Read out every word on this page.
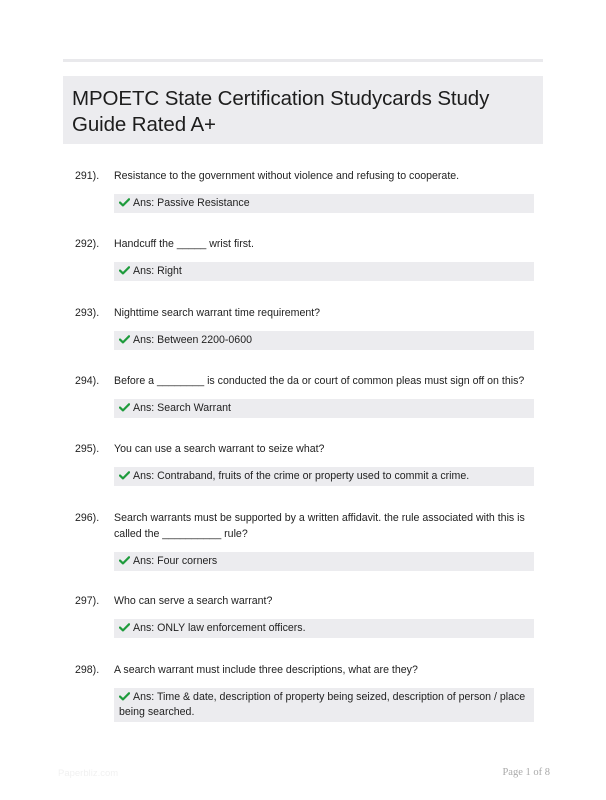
MPOETC State Certification Studycards Study Guide Rated A+
291). Resistance to the government without violence and refusing to cooperate.
Ans: Passive Resistance
292). Handcuff the _____ wrist first.
Ans: Right
293). Nighttime search warrant time requirement?
Ans: Between 2200-0600
294). Before a ________ is conducted the da or court of common pleas must sign off on this?
Ans: Search Warrant
295). You can use a search warrant to seize what?
Ans: Contraband, fruits of the crime or property used to commit a crime.
296). Search warrants must be supported by a written affidavit. the rule associated with this is called the __________ rule?
Ans: Four corners
297). Who can serve a search warrant?
Ans: ONLY law enforcement officers.
298). A search warrant must include three descriptions, what are they?
Ans: Time & date, description of property being seized, description of person / place being searched.
Paperbliz.com	Page 1 of 8
